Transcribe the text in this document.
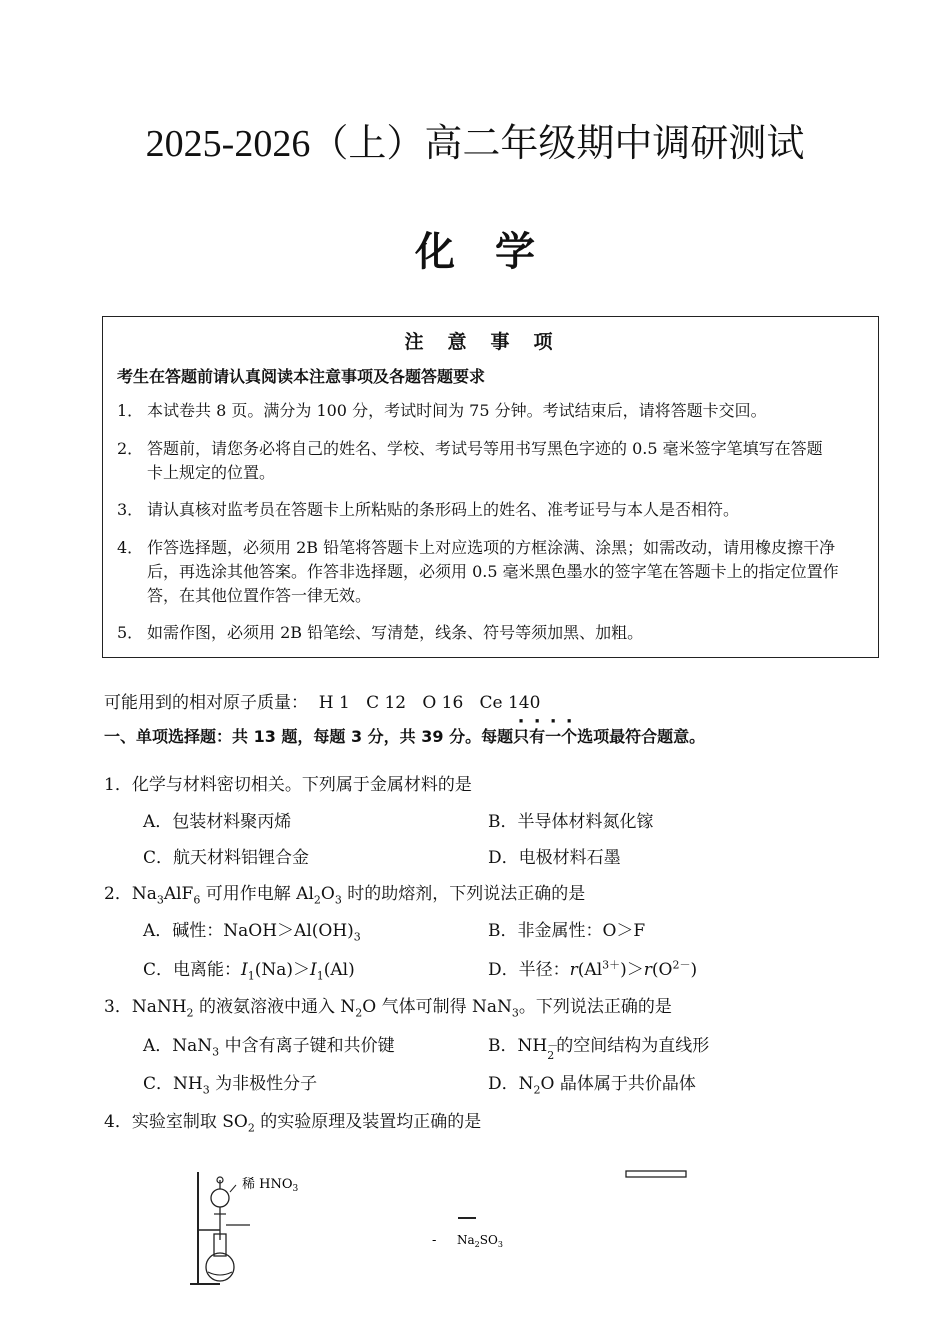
2025-2026（上）高二年级期中调研测试
化学
注意事项
考生在答题前请认真阅读本注意事项及各题答题要求
1． 本试卷共 8 页。满分为 100 分，考试时间为 75 分钟。考试结束后，请将答题卡交回。
2． 答题前，请您务必将自己的姓名、学校、考试号等用书写黑色字迹的 0.5 毫米签字笔填写在答题卡上规定的位置。
3． 请认真核对监考员在答题卡上所粘贴的条形码上的姓名、准考证号与本人是否相符。
4． 作答选择题，必须用 2B 铅笔将答题卡上对应选项的方框涂满、涂黑；如需改动，请用橡皮擦干净后，再选涂其他答案。作答非选择题，必须用 0.5 毫米黑色墨水的签字笔在答题卡上的指定位置作答，在其他位置作答一律无效。
5． 如需作图，必须用 2B 铅笔绘、写清楚，线条、符号等须加黑、加粗。
可能用到的相对原子质量：  H 1   C 12   O 16   Ce 140
一、单项选择题：共 13 题，每题 3 分，共 39 分。每题只有一个选项最符合题意。
1．化学与材料密切相关。下列属于金属材料的是
A．包装材料聚丙烯	B．半导体材料氮化镓
C．航天材料铝锂合金	D．电极材料石墨
2．$Na_3AlF_6$ 可用作电解 $Al_2O_3$ 时的助熔剂，下列说法正确的是
A．碱性：$NaOH>Al(OH)_3$	B．非金属性：O＞F
C．电离能：$I_1(Na)>I_1(Al)$	D．半径：$r(Al^{3+})>r(O^{2-})$
3．NaNH$_2$ 的液氨溶液中通入 $N_2O$ 气体可制得 NaN$_3$。下列说法正确的是
A．NaN$_3$ 中含有离子键和共价键	B．NH －
2 的空间结构为直线形
C．$NH_3$ 为非极性分子	D．$N_2O$ 晶体属于共价晶体
4．实验室制取 $SO_2$ 的实验原理及装置均正确的是
稀 $HNO_3$
- $Na_2SO_3$
